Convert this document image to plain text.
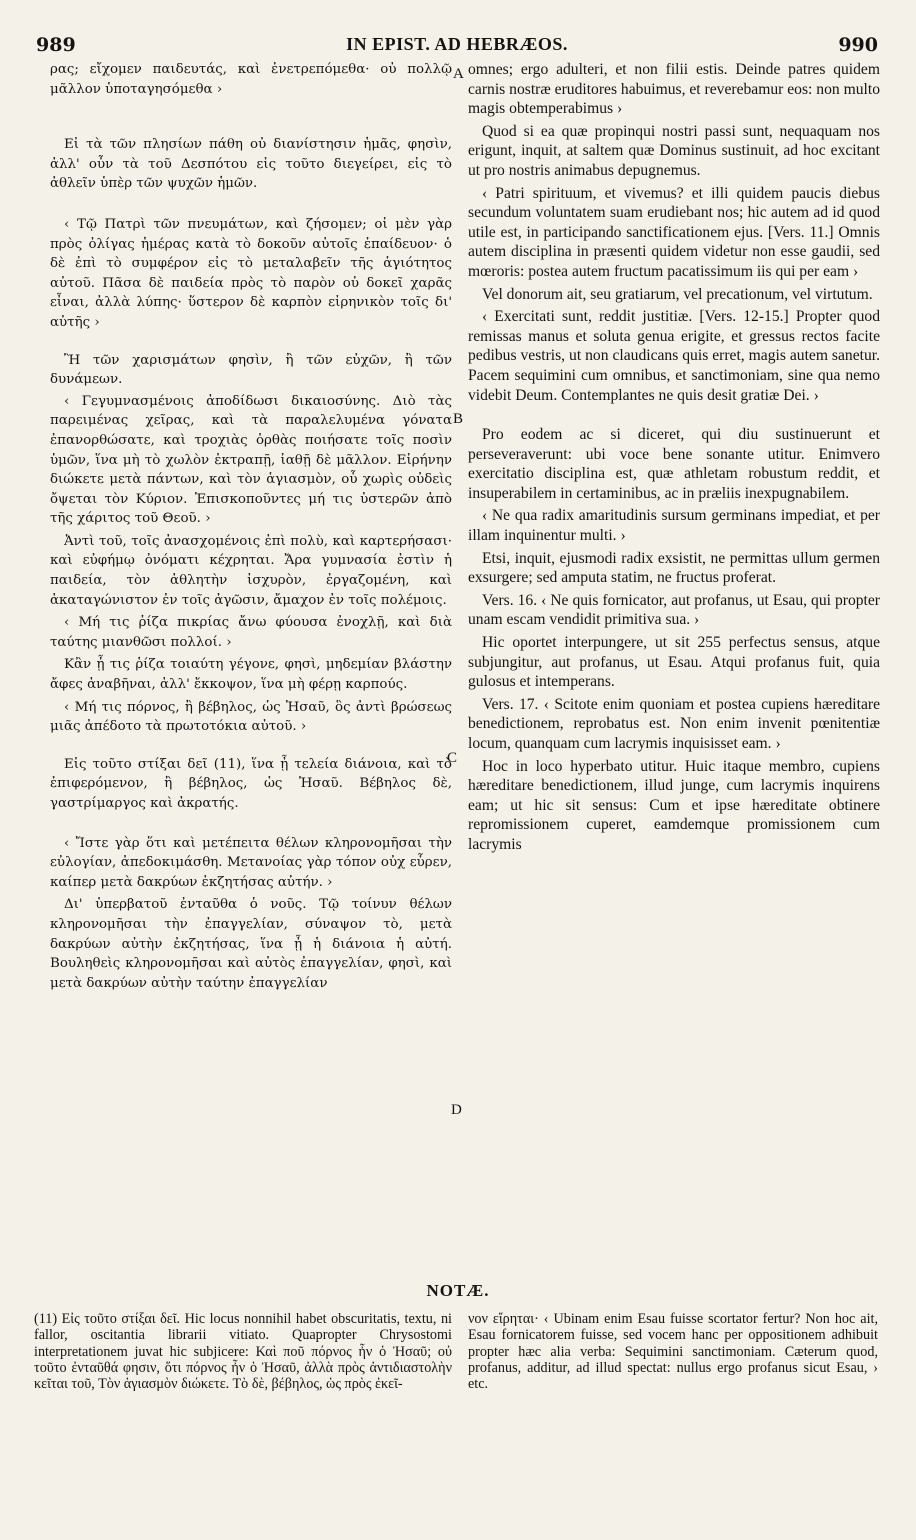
989	IN EPIST. AD HEBRÆOS.	990

ρας; εἴχομεν παιδευτάς, καὶ ἐνετρεπόμεθα· οὐ πολλῷ μᾶλλον ὑποταγησόμεθα ›

Εἰ τὰ τῶν πλησίων πάθη οὐ διανίστησιν ἡμᾶς, φησὶν, ἀλλ' οὖν τὰ τοῦ Δεσπότου εἰς τοῦτο διεγείρει, εἰς τὸ ἀθλεῖν ὑπὲρ τῶν ψυχῶν ἡμῶν.

‹ Τῷ Πατρὶ τῶν πνευμάτων, καὶ ζήσομεν; οἱ μὲν γὰρ πρὸς ὀλίγας ἡμέρας κατὰ τὸ δοκοῦν αὐτοῖς ἐπαίδευον· ὁ δὲ ἐπὶ τὸ συμφέρον εἰς τὸ μεταλαβεῖν τῆς ἁγιότητος αὐτοῦ. Πᾶσα δὲ παιδεία πρὸς τὸ παρὸν οὐ δοκεῖ χαρᾶς εἶναι, ἀλλὰ λύπης· ὕστερον δὲ καρπὸν εἰρηνικὸν τοῖς δι' αὐτῆς ›

Ἢ τῶν χαρισμάτων φησὶν, ἢ τῶν εὐχῶν, ἢ τῶν δυνάμεων.

‹ Γεγυμνασμένοις ἀποδίδωσι δικαιοσύνης. Διὸ τὰς παρειμένας χεῖρας, καὶ τὰ παραλελυμένα γόνατα ἐπανορθώσατε, καὶ τροχιὰς ὀρθὰς ποιήσατε τοῖς ποσὶν ὑμῶν, ἵνα μὴ τὸ χωλὸν ἐκτραπῇ, ἰαθῇ δὲ μᾶλλον. Εἰρήνην διώκετε μετὰ πάντων, καὶ τὸν ἁγιασμὸν, οὗ χωρὶς οὐδεὶς ὄψεται τὸν Κύριον. Ἐπισκοποῦντες μή τις ὑστερῶν ἀπὸ τῆς χάριτος τοῦ Θεοῦ. ›

Ἀντὶ τοῦ, τοῖς ἀνασχομένοις ἐπὶ πολὺ, καὶ καρτερήσασι· καὶ εὐφήμῳ ὀνόματι κέχρηται. Ἄρα γυμνασία ἐστὶν ἡ παιδεία, τὸν ἀθλητὴν ἰσχυρὸν, ἐργαζομένη, καὶ ἀκαταγώνιστον ἐν τοῖς ἀγῶσιν, ἄμαχον ἐν τοῖς πολέμοις.

‹ Μή τις ῥίζα πικρίας ἄνω φύουσα ἐνοχλῇ, καὶ διὰ ταύτης μιανθῶσι πολλοί. ›

Κἂν ᾖ τις ῥίζα τοιαύτη γέγονε, φησὶ, μηδεμίαν βλάστην ἄφες ἀναβῆναι, ἀλλ' ἔκκοψον, ἵνα μὴ φέρῃ καρπούς.

‹ Μή τις πόρνος, ἢ βέβηλος, ὡς Ἠσαῦ, ὃς ἀντὶ βρώσεως μιᾶς ἀπέδοτο τὰ πρωτοτόκια αὐτοῦ. ›

Εἰς τοῦτο στίξαι δεῖ (11), ἵνα ᾖ τελεία διάνοια, καὶ τὸ ἐπιφερόμενον, ἢ βέβηλος, ὡς Ἠσαῦ. Βέβηλος δὲ, γαστρίμαργος καὶ ἀκρατής.

‹ Ἴστε γὰρ ὅτι καὶ μετέπειτα θέλων κληρονομῆσαι τὴν εὐλογίαν, ἀπεδοκιμάσθη. Μετανοίας γὰρ τόπον οὐχ εὗρεν, καίπερ μετὰ δακρύων ἐκζητήσας αὐτήν. ›

Δι' ὑπερβατοῦ ἐνταῦθα ὁ νοῦς. Τῷ τοίνυν θέλων κληρονομῆσαι τὴν ἐπαγγελίαν, σύναψον τὸ, μετὰ δακρύων αὐτὴν ἐκζητήσας, ἵνα ᾖ ἡ διάνοια ἡ αὐτή. Βουληθεὶς κληρονομῆσαι καὶ αὐτὸς ἐπαγγελίαν, φησὶ, καὶ μετὰ δακρύων αὐτὴν ταύτην ἐπαγγελίαν

A
B
C
D

omnes; ergo adulteri, et non filii estis. Deinde patres quidem carnis nostræ eruditores habuimus, et reverebamur eos: non multo magis obtemperabimus ›

Quod si ea quæ propinqui nostri passi sunt, nequaquam nos erigunt, inquit, at saltem quæ Dominus sustinuit, ad hoc excitant ut pro nostris animabus depugnemus.

‹ Patri spirituum, et vivemus? et illi quidem paucis diebus secundum voluntatem suam erudiebant nos; hic autem ad id quod utile est, in participando sanctificationem ejus. [Vers. 11.] Omnis autem disciplina in præsenti quidem videtur non esse gaudii, sed mœroris: postea autem fructum pacatissimum iis qui per eam ›

Vel donorum ait, seu gratiarum, vel precationum, vel virtutum.

‹ Exercitati sunt, reddit justitiæ. [Vers. 12-15.] Propter quod remissas manus et soluta genua erigite, et gressus rectos facite pedibus vestris, ut non claudicans quis erret, magis autem sanetur. Pacem sequimini cum omnibus, et sanctimoniam, sine qua nemo videbit Deum. Contemplantes ne quis desit gratiæ Dei. ›

Pro eodem ac si diceret, qui diu sustinuerunt et perseveraverunt: ubi voce bene sonante utitur. Enimvero exercitatio disciplina est, quæ athletam robustum reddit, et insuperabilem in certaminibus, ac in præliis inexpugnabilem.

‹ Ne qua radix amaritudinis sursum germinans impediat, et per illam inquinentur multi. ›

Etsi, inquit, ejusmodi radix exsistit, ne permittas ullum germen exsurgere; sed amputa statim, ne fructus proferat.

Vers. 16. ‹ Ne quis fornicator, aut profanus, ut Esau, qui propter unam escam vendidit primitiva sua. ›

Hic oportet interpungere, ut sit 255 perfectus sensus, atque subjungitur, aut profanus, ut Esau. Atqui profanus fuit, quia gulosus et intemperans.

Vers. 17. ‹ Scitote enim quoniam et postea cupiens hæreditare benedictionem, reprobatus est. Non enim invenit pœnitentiæ locum, quanquam cum lacrymis inquisisset eam. ›

Hoc in loco hyperbato utitur. Huic itaque membro, cupiens hæreditare benedictionem, illud junge, cum lacrymis inquirens eam; ut hic sit sensus: Cum et ipse hæreditate obtinere repromissionem cuperet, eamdemque promissionem cum lacrymis

NOTÆ.
(11) Εἰς τοῦτο στίξαι δεῖ. Hic locus nonnihil habet obscuritatis, textu, ni fallor, oscitantia librarii vitiato. Quapropter Chrysostomi interpretationem juvat hic subjicere: Καὶ ποῦ πόρνος ἦν ὁ Ἠσαῦ; οὐ τοῦτο ἐνταῦθά φησιν, ὅτι πόρνος ἦν ὁ Ἠσαῦ, ἀλλὰ πρὸς ἀντιδιαστολὴν κεῖται τοῦ, Τὸν ἁγιασμὸν διώκετε. Τὸ δὲ, βέβηλος, ὡς πρὸς ἐκεῖ-
νον εἴρηται· ‹ Ubinam enim Esau fuisse scortator fertur? Non hoc ait, Esau fornicatorem fuisse, sed vocem hanc per oppositionem adhibuit propter hæc alia verba: Sequimini sanctimoniam. Cæterum quod, profanus, additur, ad illud spectat: nullus ergo profanus sicut Esau, › etc.
